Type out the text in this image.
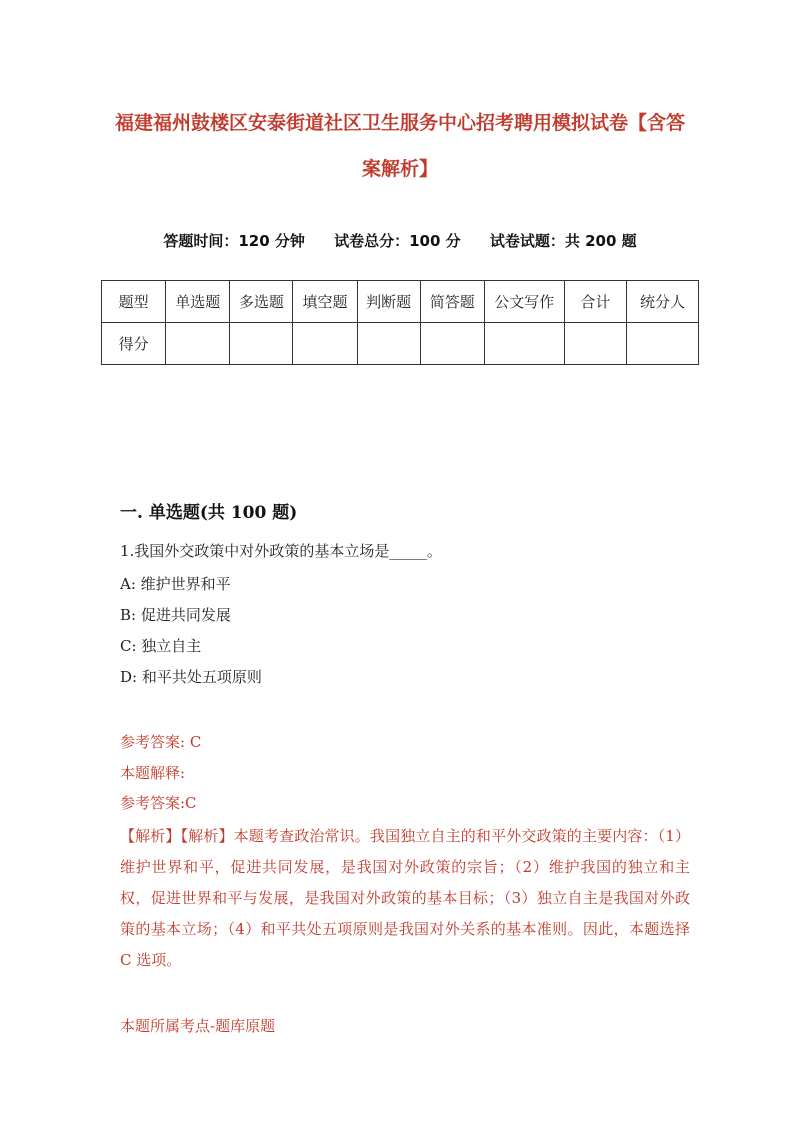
福建福州鼓楼区安泰街道社区卫生服务中心招考聘用模拟试卷【含答案解析】
答题时间：120 分钟 试卷总分：100 分 试卷试题：共 200 题
题型	单选题	多选题	填空题	判断题	简答题	公文写作	合计	统分人
得分								
一. 单选题(共 100 题)
1.我国外交政策中对外政策的基本立场是_____。
A: 维护世界和平
B: 促进共同发展
C: 独立自主
D: 和平共处五项原则
参考答案: C
本题解释:
参考答案:C
【解析】【解析】本题考查政治常识。我国独立自主的和平外交政策的主要内容：（1）维护世界和平，促进共同发展，是我国对外政策的宗旨；（2）维护我国的独立和主权，促进世界和平与发展，是我国对外政策的基本目标；（3）独立自主是我国对外政策的基本立场；（4）和平共处五项原则是我国对外关系的基本准则。因此，本题选择 C 选项。
本题所属考点-题库原题
